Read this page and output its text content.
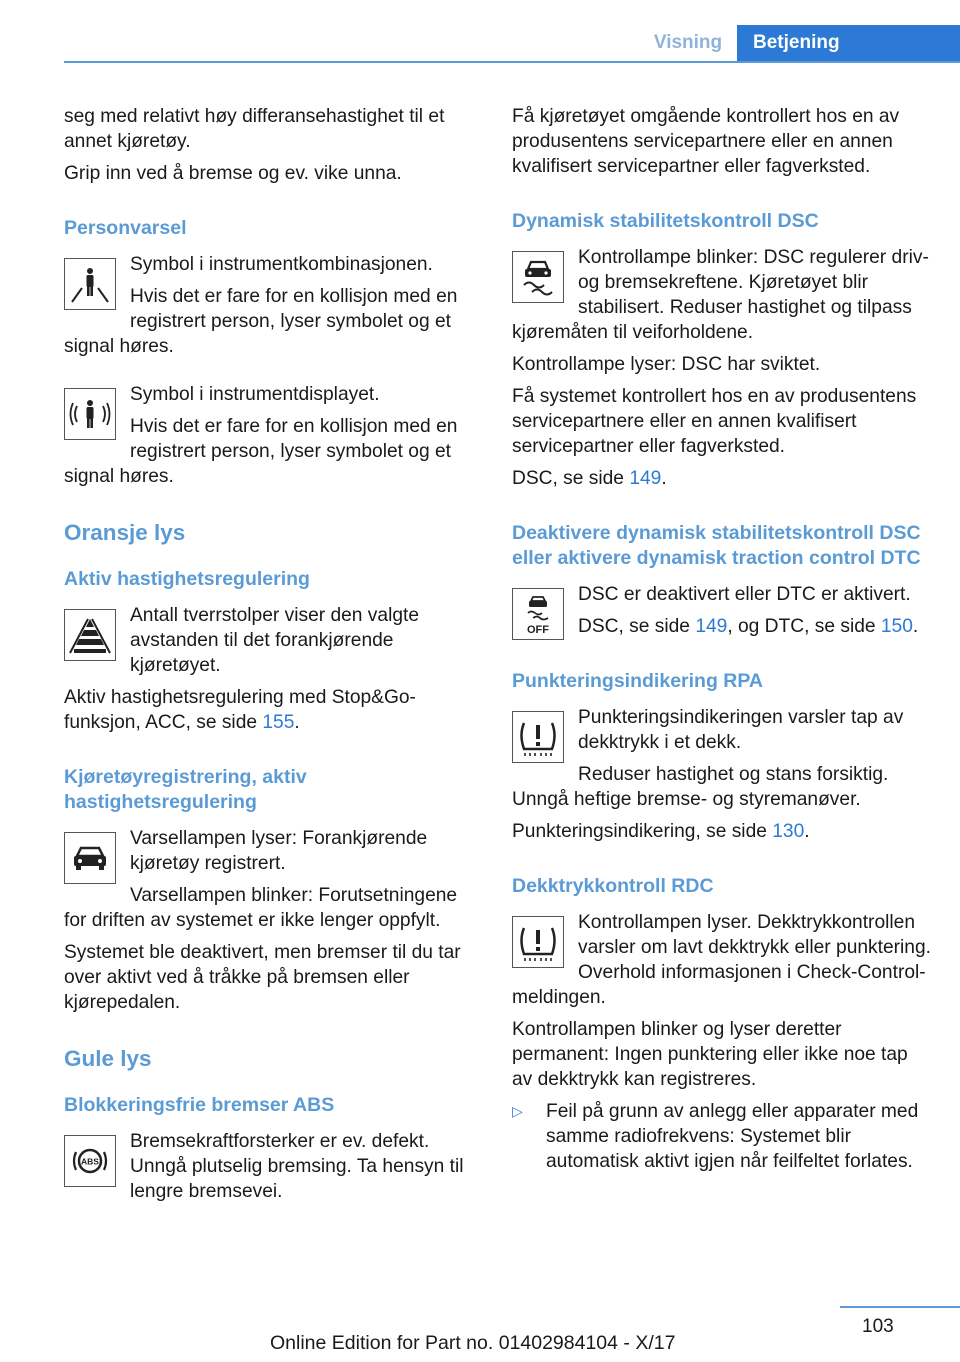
Visning	Betjening

seg med relativt høy differansehastighet til et annet kjøretøy.

Grip inn ved å bremse og ev. vike unna.

Personvarsel

Symbol i instrumentkombinasjonen.

Hvis det er fare for en kollisjon med en registrert person, lyser symbolet og et signal høres.

Symbol i instrumentdisplayet.

Hvis det er fare for en kollisjon med en registrert person, lyser symbolet og et signal høres.

Oransje lys
Aktiv hastighetsregulering

Antall tverrstolper viser den valgte avstanden til det forankjørende kjøretøyet.

Aktiv hastighetsregulering med Stop&Go-funksjon, ACC, se side 155.

Kjøretøyregistrering, aktiv hastighetsregulering

Varsellampen lyser: Forankjørende kjøretøy registrert.

Varsellampen blinker: Forutsetningene for driften av systemet er ikke lenger oppfylt.

Systemet ble deaktivert, men bremser til du tar over aktivt ved å tråkke på bremsen eller kjørepedalen.

Gule lys
Blokkeringsfrie bremser ABS
ABS

Bremsekraftforsterker er ev. defekt. Unngå plutselig bremsing. Ta hensyn til lengre bremsevei.

Få kjøretøyet omgående kontrollert hos en av produsentens servicepartnere eller en annen kvalifisert servicepartner eller fagverksted.

Dynamisk stabilitetskontroll DSC

Kontrollampe blinker: DSC regulerer driv- og bremsekreftene. Kjøretøyet blir stabilisert. Reduser hastighet og tilpass kjøremåten til veiforholdene.

Kontrollampe lyser: DSC har sviktet.

Få systemet kontrollert hos en av produsentens servicepartnere eller en annen kvalifisert servicepartner eller fagverksted.

DSC, se side 149.

Deaktivere dynamisk stabilitetskontroll DSC eller aktivere dynamisk traction control DTC
OFF

DSC er deaktivert eller DTC er aktivert.

DSC, se side 149, og DTC, se side 150.

Punkteringsindikering RPA

Punkteringsindikeringen varsler tap av dekktrykk i et dekk.

Reduser hastighet og stans forsiktig. Unngå heftige bremse- og styremanøver.

Punkteringsindikering, se side 130.

Dekktrykkontroll RDC

Kontrollampen lyser. Dekktrykkontrollen varsler om lavt dekktrykk eller punktering. Overhold informasjonen i Check-Control-meldingen.

Kontrollampen blinker og lyser deretter permanent: Ingen punktering eller ikke noe tap av dekktrykk kan registreres.

▷ Feil på grunn av anlegg eller apparater med samme radiofrekvens: Systemet blir automatisk aktivt igjen når feilfeltet forlates.

103
Online Edition for Part no. 01402984104 - X/17
